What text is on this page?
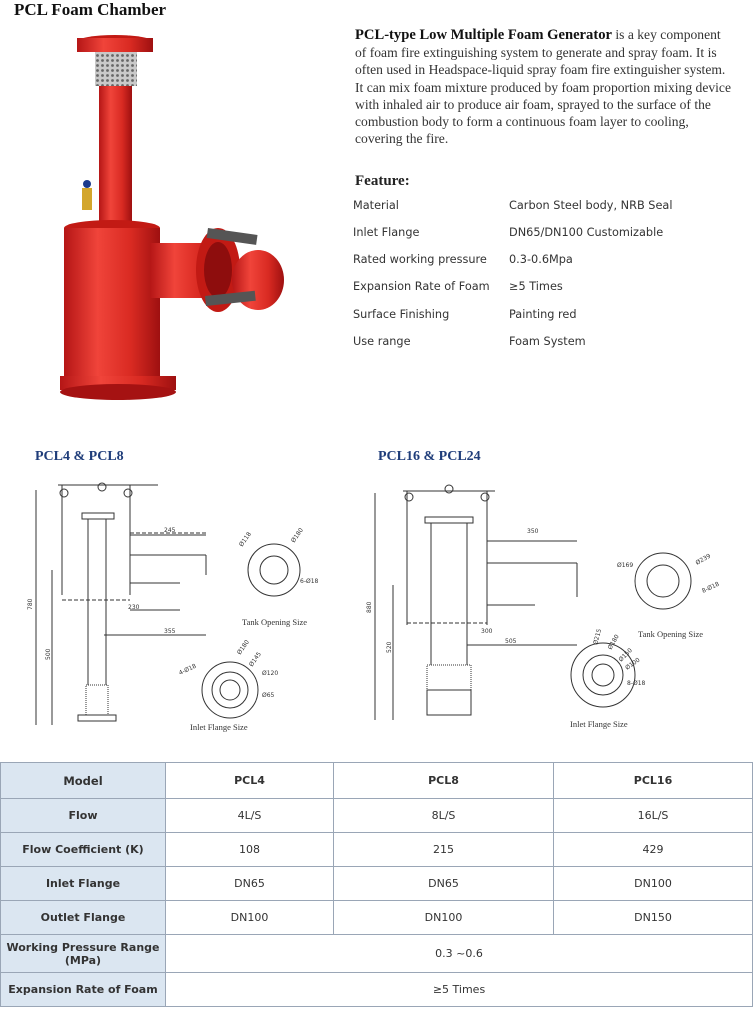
PCL Foam Chamber
PCL-type Low Multiple Foam Generator is a key component of foam fire extinguishing system to generate and spray foam. It is often used in Headspace-liquid spray foam fire extinguisher system. It can mix foam mixture produced by foam proportion mixing device with inhaled air to produce air foam, sprayed to the surface of the combustion body to form a continuous foam layer to cooling, covering the fire.
Feature:
Material	Carbon Steel body, NRB Seal
Inlet Flange	DN65/DN100 Customizable
Rated working pressure 0.3-0.6Mpa
Expansion Rate of Foam ≥5 Times
Surface Finishing	Painting red
Use range	Foam System
PCL4 & PCL8	PCL16 & PCL24
780
500
245
230
355
Ø118	Ø180
6-Ø18
4-Ø18
Ø180
Ø145
Ø120
Ø65
Tank Opening Size
Inlet Flange Size
880
520
350
300
505
Ø169	Ø239
8-Ø18
Ø215 Ø180
Ø150
Ø100
8-Ø18
Tank Opening Size
Inlet Flange Size
Model	PCL4	PCL8	PCL16
Flow	4L/S	8L/S	16L/S
Flow Coefficient (K)	108	215	429
Inlet Flange	DN65	DN65	DN100
Outlet Flange	DN100	DN100	DN150
Working Pressure Range (MPa)	0.3 ~0.6		
Expansion Rate of Foam	≥5 Times		
